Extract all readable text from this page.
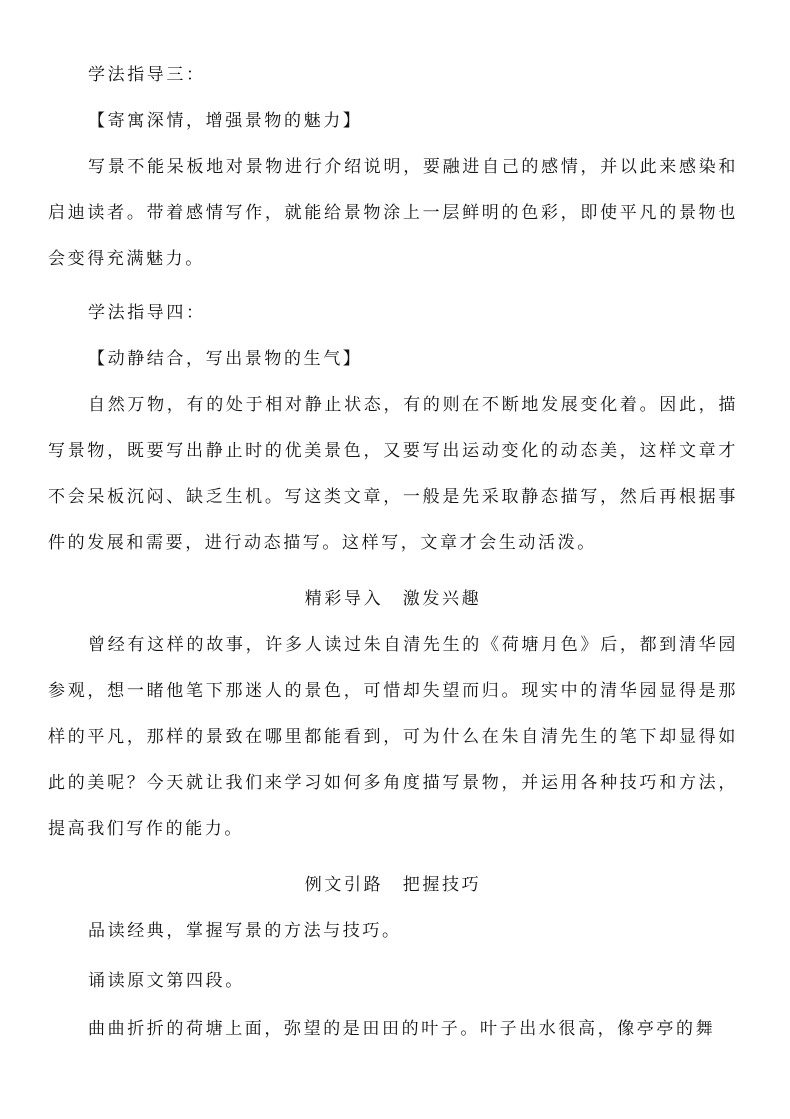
学法指导三：

【寄寓深情，增强景物的魅力】

写景不能呆板地对景物进行介绍说明，要融进自己的感情，并以此来感染和启迪读者。带着感情写作，就能给景物涂上一层鲜明的色彩，即使平凡的景物也会变得充满魅力。

学法指导四：

【动静结合，写出景物的生气】

自然万物，有的处于相对静止状态，有的则在不断地发展变化着。因此，描写景物，既要写出静止时的优美景色，又要写出运动变化的动态美，这样文章才不会呆板沉闷、缺乏生机。写这类文章，一般是先采取静态描写，然后再根据事件的发展和需要，进行动态描写。这样写，文章才会生动活泼。

精彩导入　激发兴趣

曾经有这样的故事，许多人读过朱自清先生的《荷塘月色》后，都到清华园参观，想一睹他笔下那迷人的景色，可惜却失望而归。现实中的清华园显得是那样的平凡，那样的景致在哪里都能看到，可为什么在朱自清先生的笔下却显得如此的美呢？今天就让我们来学习如何多角度描写景物，并运用各种技巧和方法，提高我们写作的能力。

例文引路　把握技巧

品读经典，掌握写景的方法与技巧。

诵读原文第四段。

曲曲折折的荷塘上面，弥望的是田田的叶子。叶子出水很高，像亭亭的舞
